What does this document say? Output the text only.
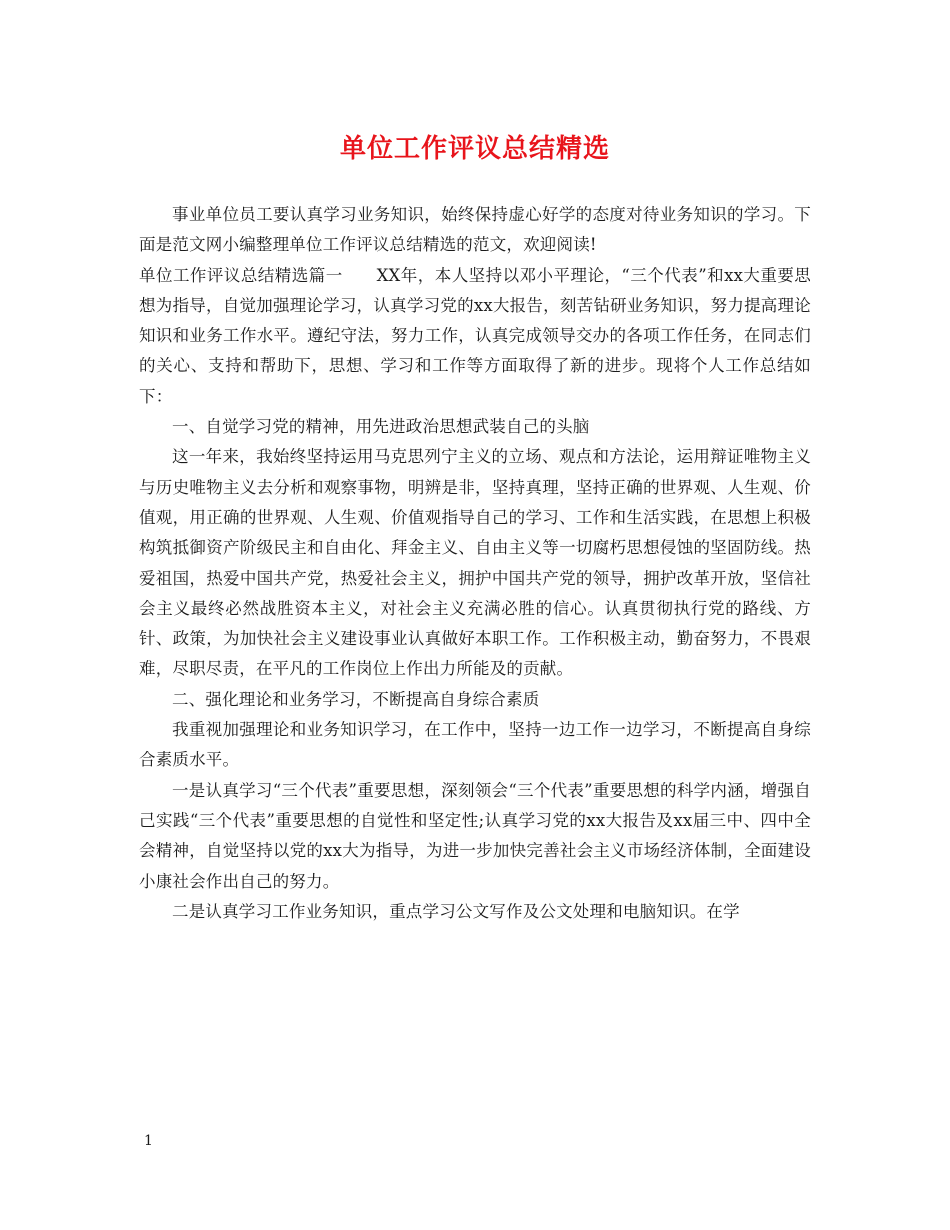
单位工作评议总结精选

事业单位员工要认真学习业务知识，始终保持虚心好学的态度对待业务知识的学习。下面是范文网小编整理单位工作评议总结精选的范文，欢迎阅读!

单位工作评议总结精选篇一　　XX年，本人坚持以邓小平理论，“三个代表”和xx大重要思想为指导，自觉加强理论学习，认真学习党的xx大报告，刻苦钻研业务知识，努力提高理论知识和业务工作水平。遵纪守法，努力工作，认真完成领导交办的各项工作任务，在同志们的关心、支持和帮助下，思想、学习和工作等方面取得了新的进步。现将个人工作总结如下：

一、自觉学习党的精神，用先进政治思想武装自己的头脑

这一年来，我始终坚持运用马克思列宁主义的立场、观点和方法论，运用辩证唯物主义与历史唯物主义去分析和观察事物，明辨是非，坚持真理，坚持正确的世界观、人生观、价值观，用正确的世界观、人生观、价值观指导自己的学习、工作和生活实践，在思想上积极构筑抵御资产阶级民主和自由化、拜金主义、自由主义等一切腐朽思想侵蚀的坚固防线。热爱祖国，热爱中国共产党，热爱社会主义，拥护中国共产党的领导，拥护改革开放，坚信社会主义最终必然战胜资本主义，对社会主义充满必胜的信心。认真贯彻执行党的路线、方针、政策，为加快社会主义建设事业认真做好本职工作。工作积极主动，勤奋努力，不畏艰难，尽职尽责，在平凡的工作岗位上作出力所能及的贡献。

二、强化理论和业务学习，不断提高自身综合素质

我重视加强理论和业务知识学习，在工作中，坚持一边工作一边学习，不断提高自身综合素质水平。

一是认真学习“三个代表”重要思想，深刻领会“三个代表”重要思想的科学内涵，增强自己实践“三个代表”重要思想的自觉性和坚定性;认真学习党的xx大报告及xx届三中、四中全会精神，自觉坚持以党的xx大为指导，为进一步加快完善社会主义市场经济体制，全面建设小康社会作出自己的努力。

二是认真学习工作业务知识，重点学习公文写作及公文处理和电脑知识。在学

1
